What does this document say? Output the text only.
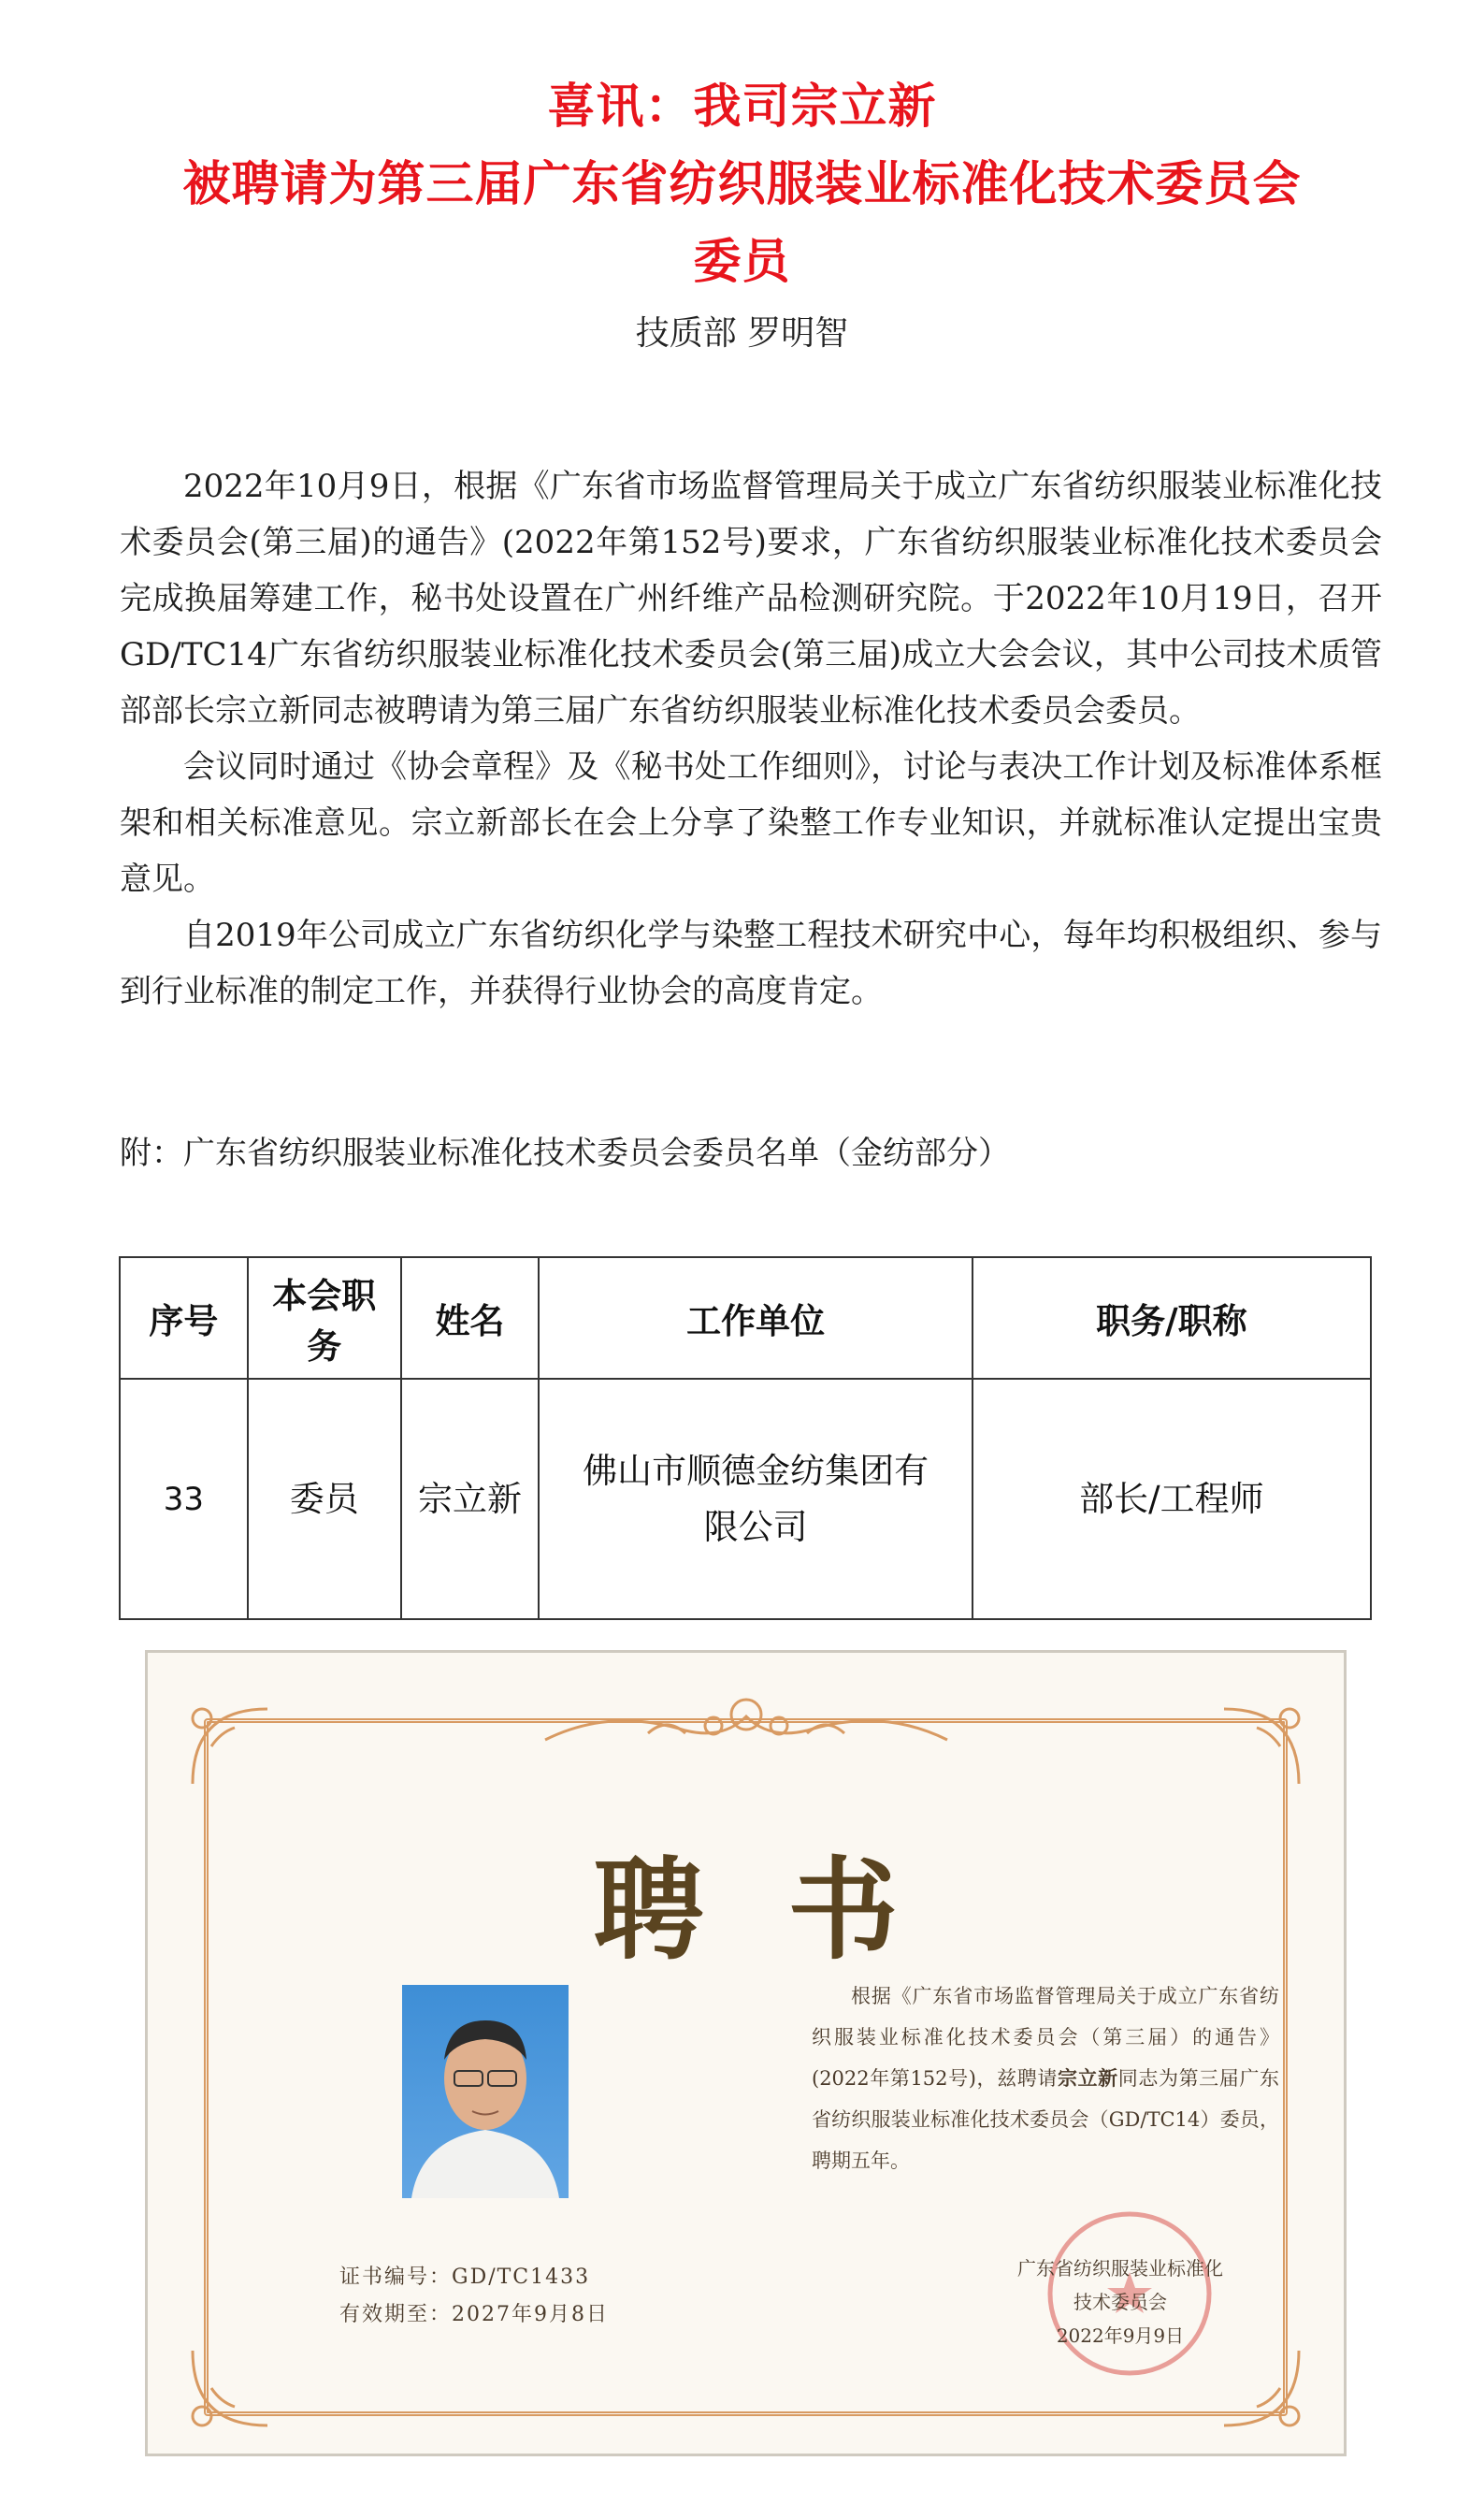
喜讯：我司宗立新
被聘请为第三届广东省纺织服装业标准化技术委员会
委员
技质部 罗明智

2022年10月9日，根据《广东省市场监督管理局关于成立广东省纺织服装业标准化技术委员会(第三届)的通告》(2022年第152号)要求，广东省纺织服装业标准化技术委员会完成换届筹建工作，秘书处设置在广州纤维产品检测研究院。于2022年10月19日，召开GD/TC14广东省纺织服装业标准化技术委员会(第三届)成立大会会议，其中公司技术质管部部长宗立新同志被聘请为第三届广东省纺织服装业标准化技术委员会委员。

会议同时通过《协会章程》及《秘书处工作细则》，讨论与表决工作计划及标准体系框架和相关标准意见。宗立新部长在会上分享了染整工作专业知识，并就标准认定提出宝贵意见。

自2019年公司成立广东省纺织化学与染整工程技术研究中心，每年均积极组织、参与到行业标准的制定工作，并获得行业协会的高度肯定。

附：广东省纺织服装业标准化技术委员会委员名单（金纺部分）
序号	本会职务	姓名	工作单位	职务/职称
33	委员	宗立新	佛山市顺德金纺集团有限公司	部长/工程师
聘书

根据《广东省市场监督管理局关于成立广东省纺织服装业标准化技术委员会（第三届）的通告》(2022年第152号)，兹聘请宗立新同志为第三届广东省纺织服装业标准化技术委员会（GD/TC14）委员，聘期五年。

证书编号：GD/TC1433
有效期至：2027年9月8日
广东省纺织服装业标准化
技术委员会
2022年9月9日
